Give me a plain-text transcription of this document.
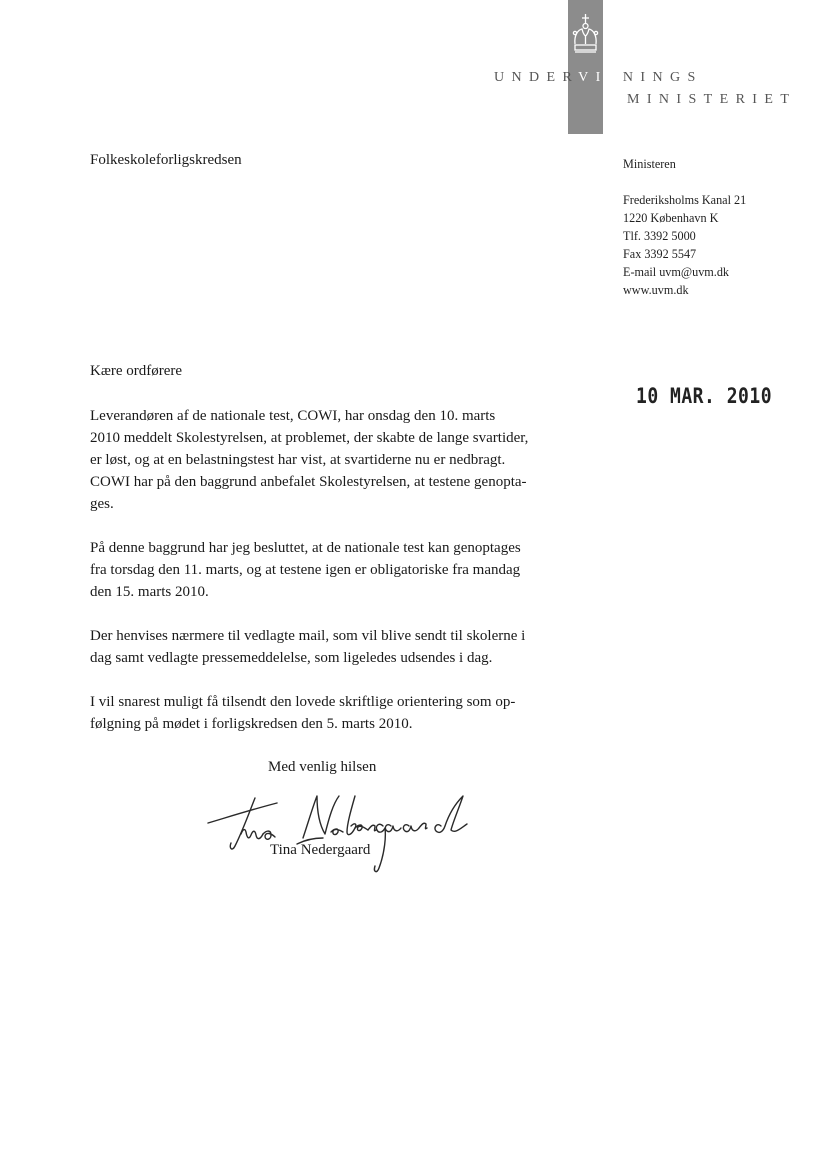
UNDERVISNINGS
MINISTERIET
Folkeskoleforligskredsen	Ministeren
Frederiksholms Kanal 21
1220 København K
Tlf. 3392 5000
Fax 3392 5547
E-mail uvm@uvm.dk
www.uvm.dk
10 MAR. 2010
Kære ordførere
Leverandøren af de nationale test, COWI, har onsdag den 10. marts
2010 meddelt Skolestyrelsen, at problemet, der skabte de lange svartider,
er løst, og at en belastningstest har vist, at svartiderne nu er nedbragt.
COWI har på den baggrund anbefalet Skolestyrelsen, at testene genopta-
ges.
På denne baggrund har jeg besluttet, at de nationale test kan genoptages
fra torsdag den 11. marts, og at testene igen er obligatoriske fra mandag
den 15. marts 2010.
Der henvises nærmere til vedlagte mail, som vil blive sendt til skolerne i
dag samt vedlagte pressemeddelelse, som ligeledes udsendes i dag.
I vil snarest muligt få tilsendt den lovede skriftlige orientering som op-
følgning på mødet i forligskredsen den 5. marts 2010.
Med venlig hilsen
Tina Nedergaard
